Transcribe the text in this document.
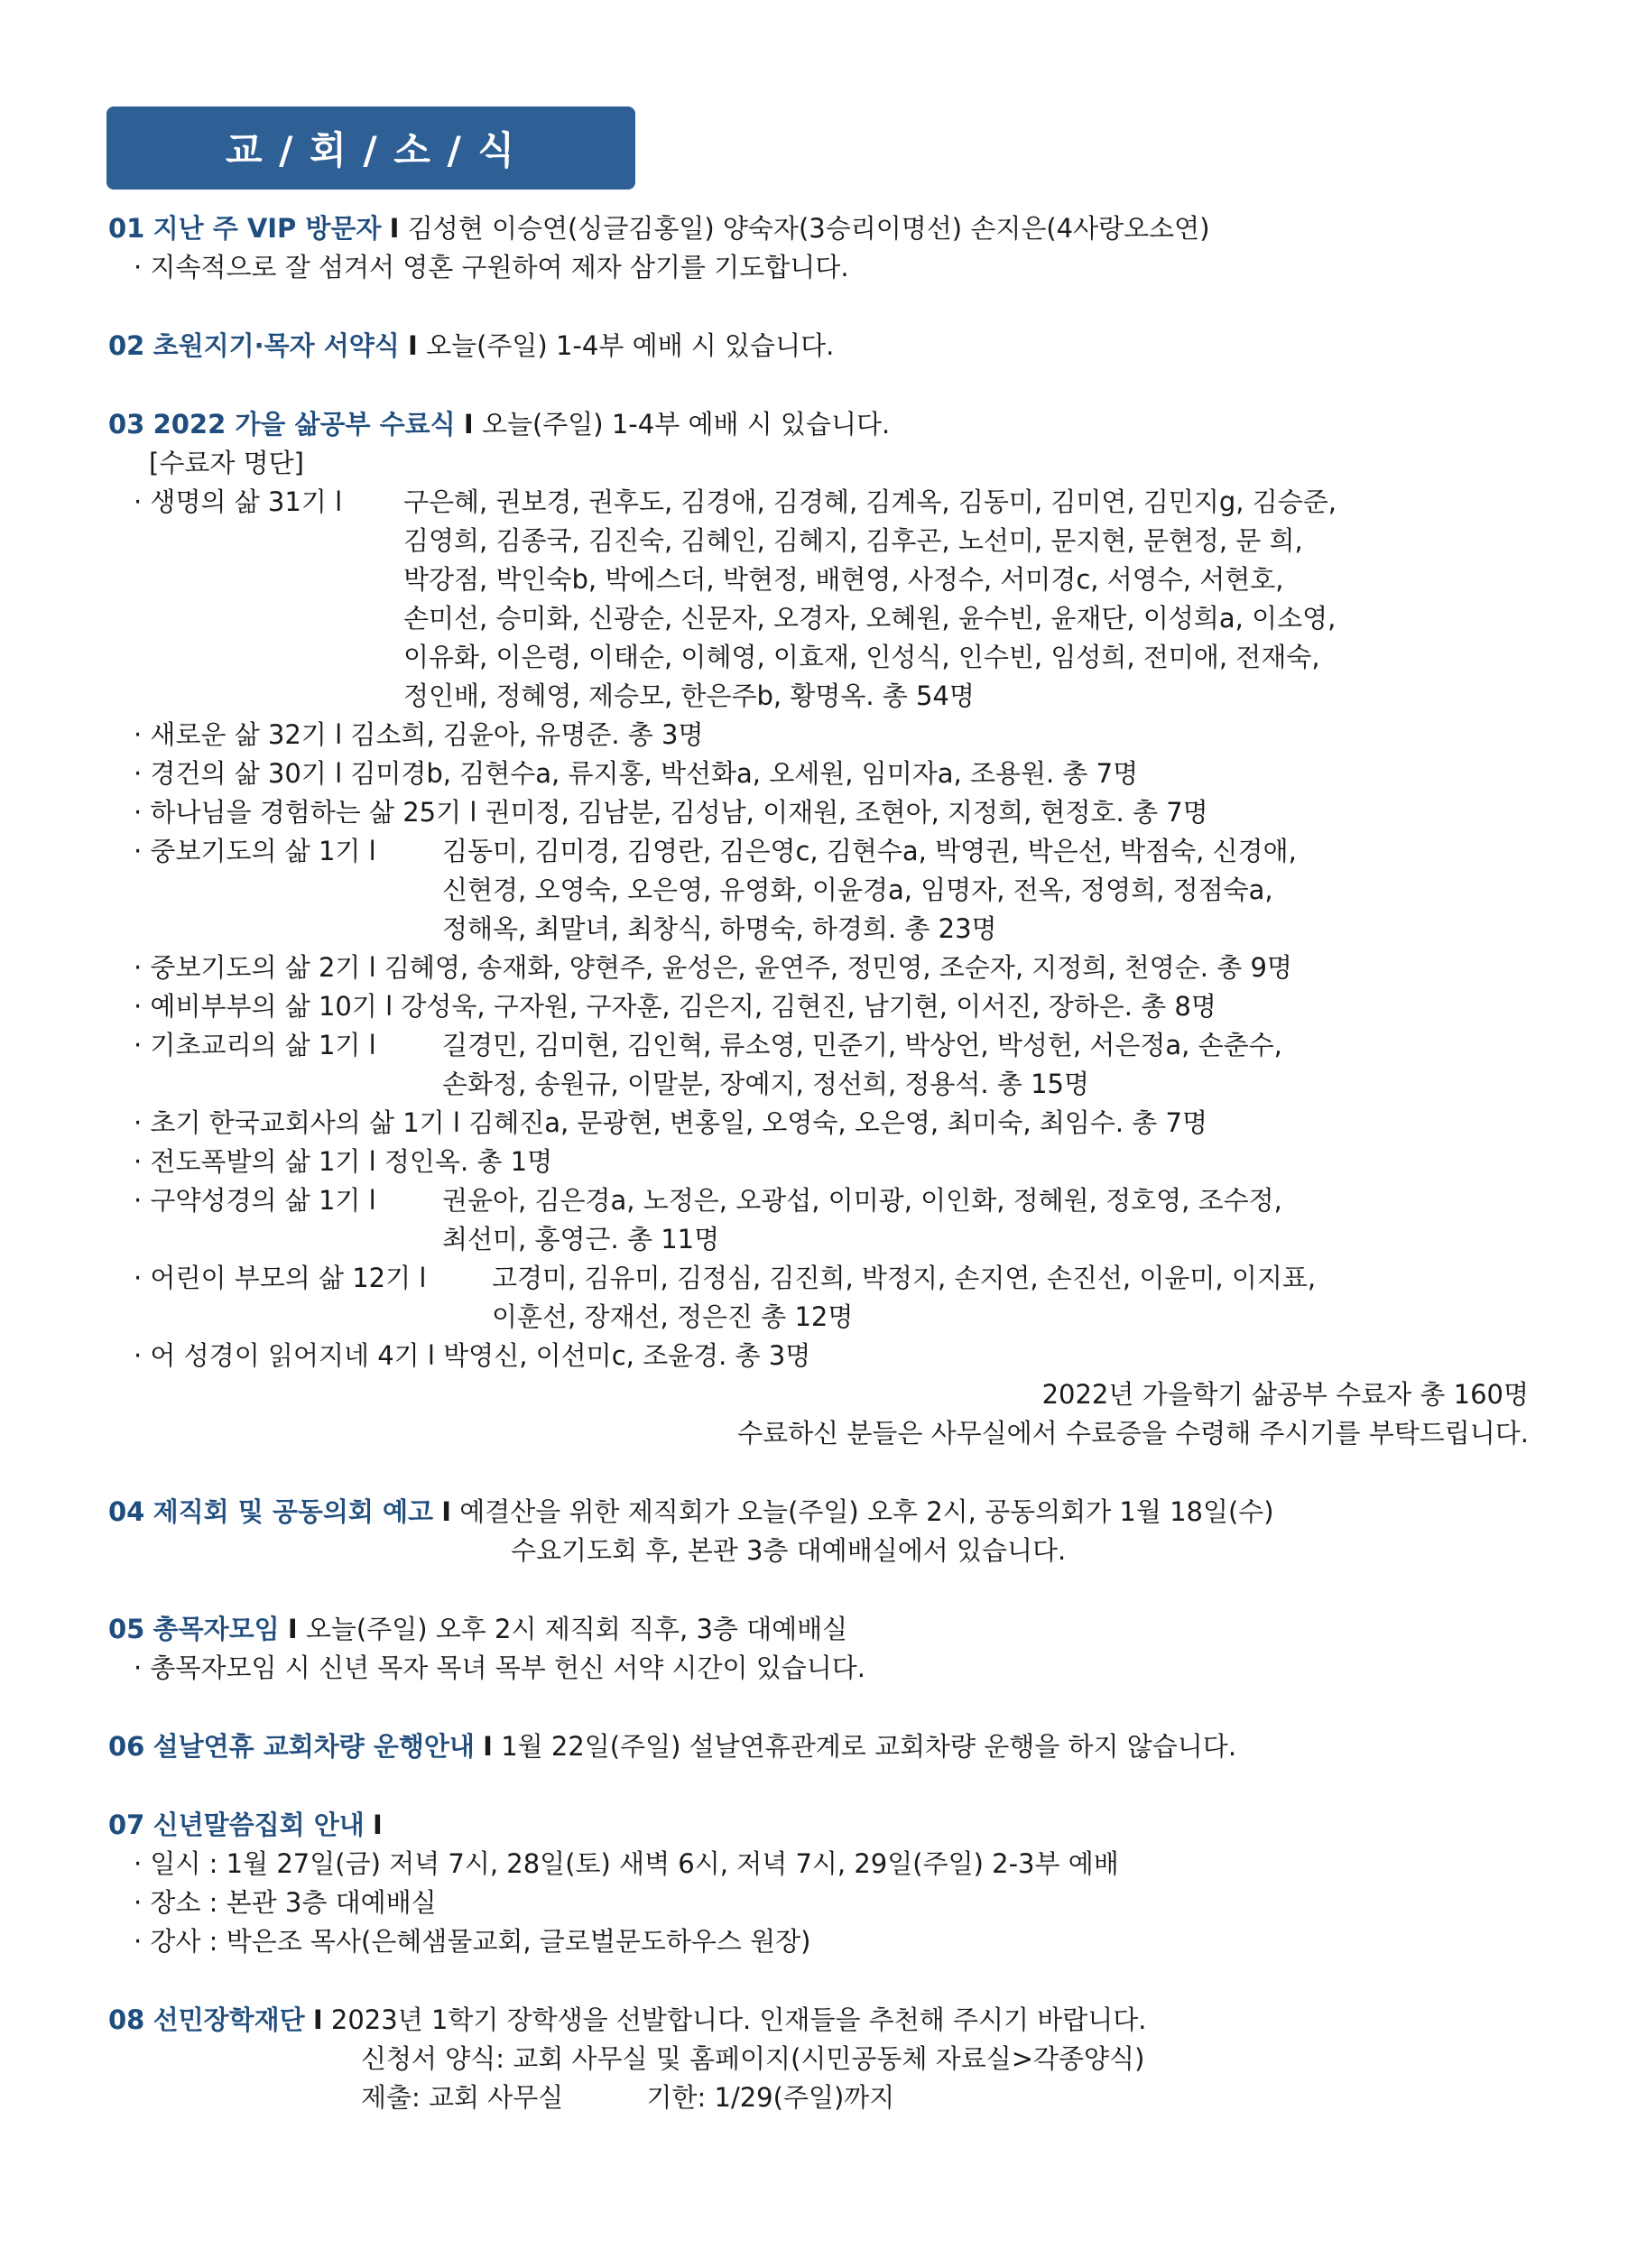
교 / 회 / 소 / 식
01 지난 주 VIP 방문자 I 김성현 이승연(싱글김홍일) 양숙자(3승리이명선) 손지은(4사랑오소연)
· 지속적으로 잘 섬겨서 영혼 구원하여 제자 삼기를 기도합니다.
02 초원지기·목자 서약식 I 오늘(주일) 1-4부 예배 시 있습니다.
03 2022 가을 삶공부 수료식 I 오늘(주일) 1-4부 예배 시 있습니다.
[수료자 명단]
· 생명의 삶 31기 l 구은혜, 권보경, 권후도, 김경애, 김경혜, 김계옥, 김동미, 김미연, 김민지g, 김승준,
김영희, 김종국, 김진숙, 김혜인, 김혜지, 김후곤, 노선미, 문지현, 문현정, 문 희,
박강점, 박인숙b, 박에스더, 박현정, 배현영, 사정수, 서미경c, 서영수, 서현호,
손미선, 승미화, 신광순, 신문자, 오경자, 오혜원, 윤수빈, 윤재단, 이성희a, 이소영,
이유화, 이은령, 이태순, 이혜영, 이효재, 인성식, 인수빈, 임성희, 전미애, 전재숙,
정인배, 정혜영, 제승모, 한은주b, 황명옥. 총 54명
· 새로운 삶 32기 l 김소희, 김윤아, 유명준. 총 3명
· 경건의 삶 30기 l 김미경b, 김현수a, 류지홍, 박선화a, 오세원, 임미자a, 조용원. 총 7명
· 하나님을 경험하는 삶 25기 l 권미정, 김남분, 김성남, 이재원, 조현아, 지정희, 현정호. 총 7명
· 중보기도의 삶 1기 l	김동미, 김미경, 김영란, 김은영c, 김현수a, 박영권, 박은선, 박점숙, 신경애,
신현경, 오영숙, 오은영, 유영화, 이윤경a, 임명자, 전옥, 정영희, 정점숙a,
정해옥, 최말녀, 최창식, 하명숙, 하경희. 총 23명
· 중보기도의 삶 2기 l 김혜영, 송재화, 양현주, 윤성은, 윤연주, 정민영, 조순자, 지정희, 천영순. 총 9명
· 예비부부의 삶 10기 l 강성욱, 구자원, 구자훈, 김은지, 김현진, 남기현, 이서진, 장하은. 총 8명
· 기초교리의 삶 1기 l	길경민, 김미현, 김인혁, 류소영, 민준기, 박상언, 박성헌, 서은정a, 손춘수,
손화정, 송원규, 이말분, 장예지, 정선희, 정용석. 총 15명
· 초기 한국교회사의 삶 1기 l 김혜진a, 문광현, 변홍일, 오영숙, 오은영, 최미숙, 최임수. 총 7명
· 전도폭발의 삶 1기 l 정인옥. 총 1명
· 구약성경의 삶 1기 l	권윤아, 김은경a, 노정은, 오광섭, 이미광, 이인화, 정혜원, 정호영, 조수정,
최선미, 홍영근. 총 11명
· 어린이 부모의 삶 12기 l	고경미, 김유미, 김정심, 김진희, 박정지, 손지연, 손진선, 이윤미, 이지표,
이훈선, 장재선, 정은진 총 12명
· 어 성경이 읽어지네 4기 l 박영신, 이선미c, 조윤경. 총 3명
2022년 가을학기 삶공부 수료자 총 160명
수료하신 분들은 사무실에서 수료증을 수령해 주시기를 부탁드립니다.
04 제직회 및 공동의회 예고 I 예결산을 위한 제직회가 오늘(주일) 오후 2시, 공동의회가 1월 18일(수)
수요기도회 후, 본관 3층 대예배실에서 있습니다.
05 총목자모임 I 오늘(주일) 오후 2시 제직회 직후, 3층 대예배실
· 총목자모임 시 신년 목자 목녀 목부 헌신 서약 시간이 있습니다.
06 설날연휴 교회차량 운행안내 I 1월 22일(주일) 설날연휴관계로 교회차량 운행을 하지 않습니다.
07 신년말씀집회 안내 I
· 일시 : 1월 27일(금) 저녁 7시, 28일(토) 새벽 6시, 저녁 7시, 29일(주일) 2-3부 예배
· 장소 : 본관 3층 대예배실
· 강사 : 박은조 목사(은혜샘물교회, 글로벌문도하우스 원장)
08 선민장학재단 I 2023년 1학기 장학생을 선발합니다. 인재들을 추천해 주시기 바랍니다.
신청서 양식: 교회 사무실 및 홈페이지(시민공동체 자료실>각종양식)
제출: 교회 사무실          기한: 1/29(주일)까지
